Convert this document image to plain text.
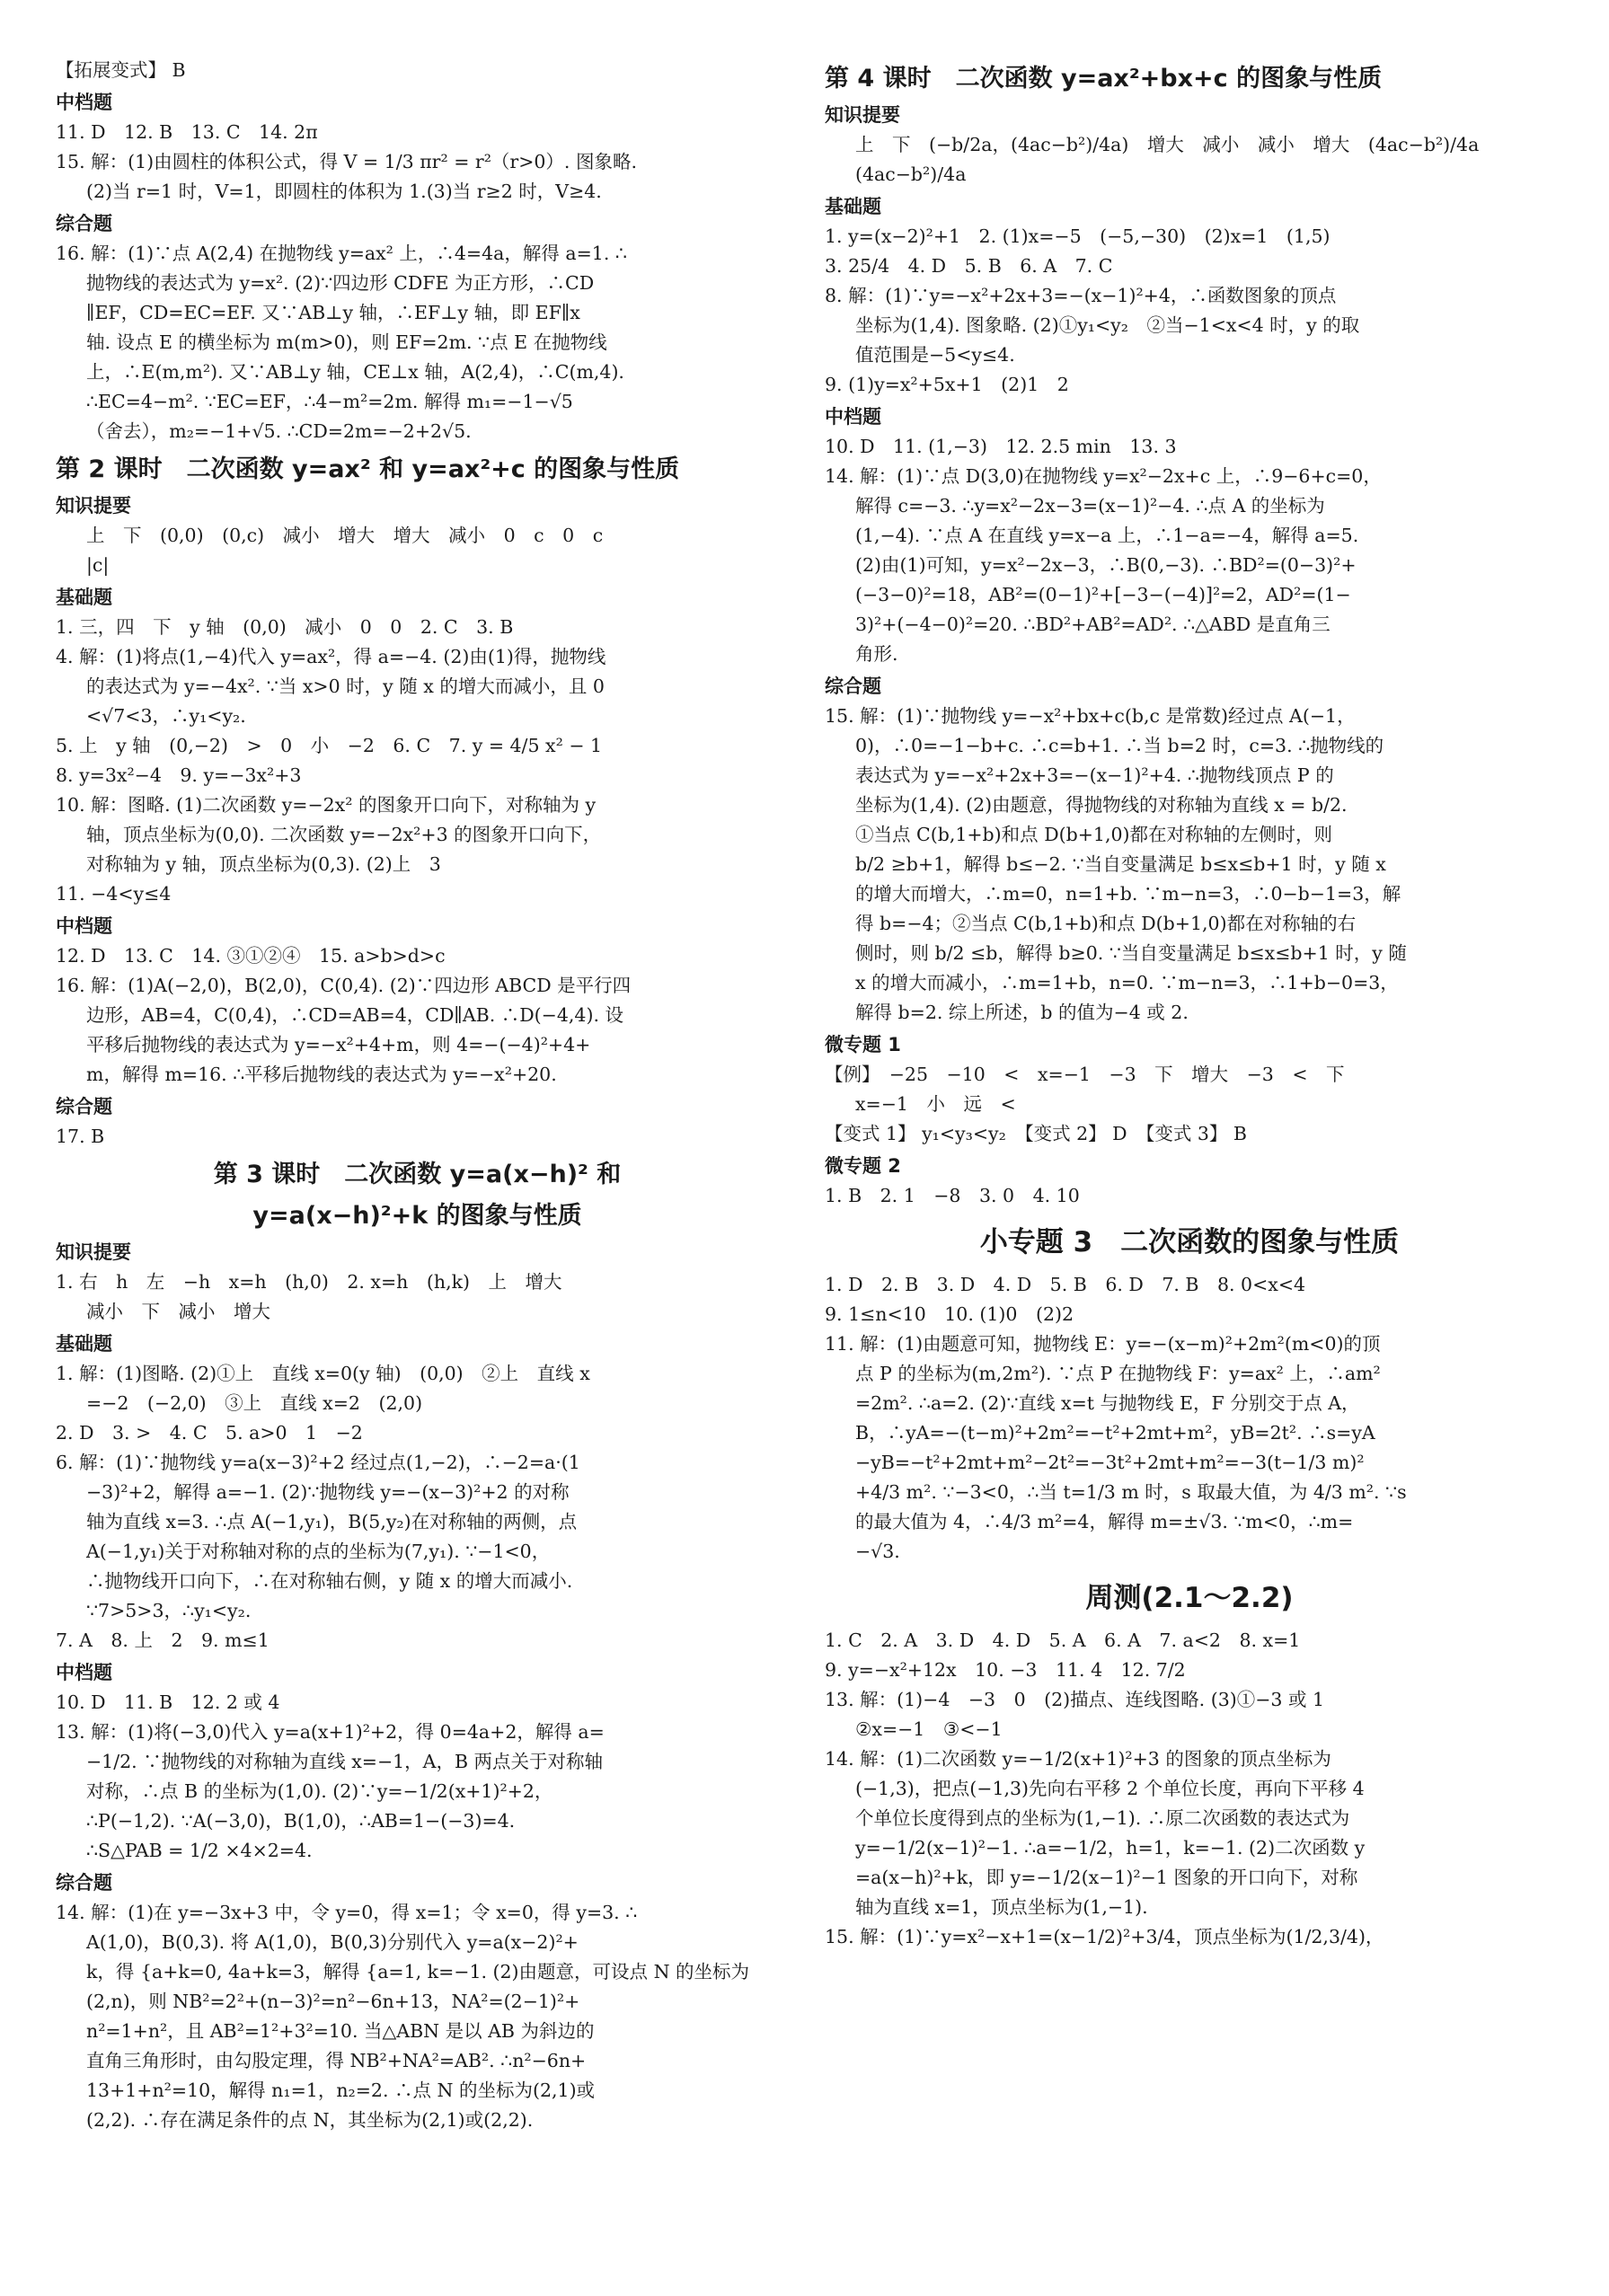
【拓展变式】 B
中档题
11. D　12. B　13. C　14. 2π
15. 解：(1)由圆柱的体积公式，得 V = 1/3 πr² = r²（r>0）. 图象略.
(2)当 r=1 时，V=1，即圆柱的体积为 1.(3)当 r≥2 时，V≥4.
综合题
16. 解：(1)∵点 A(2,4) 在抛物线 y=ax² 上，∴4=4a，解得 a=1. ∴
抛物线的表达式为 y=x². (2)∵四边形 CDFE 为正方形，∴CD
∥EF，CD=EC=EF. 又∵AB⊥y 轴，∴EF⊥y 轴，即 EF∥x
轴. 设点 E 的横坐标为 m(m>0)，则 EF=2m. ∵点 E 在抛物线
上，∴E(m,m²). 又∵AB⊥y 轴，CE⊥x 轴，A(2,4)，∴C(m,4).
∴EC=4−m². ∵EC=EF，∴4−m²=2m. 解得 m₁=−1−√5
（舍去），m₂=−1+√5. ∴CD=2m=−2+2√5.
第 2 课时　二次函数 y=ax² 和 y=ax²+c 的图象与性质
知识提要
上　下　(0,0)　(0,c)　减小　增大　增大　减小　0　c　0　c
|c|
基础题
1. 三，四　下　y 轴　(0,0)　减小　0　0　2. C　3. B
4. 解：(1)将点(1,−4)代入 y=ax²，得 a=−4. (2)由(1)得，抛物线
的表达式为 y=−4x². ∵当 x>0 时，y 随 x 的增大而减小，且 0
<√7<3，∴y₁<y₂.
5. 上　y 轴　(0,−2)　>　0　小　−2　6. C　7. y = 4/5 x² − 1
8. y=3x²−4　9. y=−3x²+3
10. 解：图略. (1)二次函数 y=−2x² 的图象开口向下，对称轴为 y
轴，顶点坐标为(0,0). 二次函数 y=−2x²+3 的图象开口向下，
对称轴为 y 轴，顶点坐标为(0,3). (2)上　3
11. −4<y≤4
中档题
12. D　13. C　14. ③①②④　15. a>b>d>c
16. 解：(1)A(−2,0)，B(2,0)，C(0,4). (2)∵四边形 ABCD 是平行四
边形，AB=4，C(0,4)，∴CD=AB=4，CD∥AB. ∴D(−4,4). 设
平移后抛物线的表达式为 y=−x²+4+m，则 4=−(−4)²+4+
m，解得 m=16. ∴平移后抛物线的表达式为 y=−x²+20.
综合题
17. B
第 3 课时　二次函数 y=a(x−h)² 和
y=a(x−h)²+k 的图象与性质
知识提要
1. 右　h　左　−h　x=h　(h,0)　2. x=h　(h,k)　上　增大
减小　下　减小　增大
基础题
1. 解：(1)图略. (2)①上　直线 x=0(y 轴)　(0,0)　②上　直线 x
=−2　(−2,0)　③上　直线 x=2　(2,0)
2. D　3. >　4. C　5. a>0　1　−2
6. 解：(1)∵抛物线 y=a(x−3)²+2 经过点(1,−2)，∴−2=a·(1
−3)²+2，解得 a=−1. (2)∵抛物线 y=−(x−3)²+2 的对称
轴为直线 x=3. ∴点 A(−1,y₁)，B(5,y₂)在对称轴的两侧，点
A(−1,y₁)关于对称轴对称的点的坐标为(7,y₁). ∵−1<0，
∴抛物线开口向下，∴在对称轴右侧，y 随 x 的增大而减小.
∵7>5>3，∴y₁<y₂.
7. A　8. 上　2　9. m≤1
中档题
10. D　11. B　12. 2 或 4
13. 解：(1)将(−3,0)代入 y=a(x+1)²+2，得 0=4a+2，解得 a=
−1/2. ∵抛物线的对称轴为直线 x=−1，A，B 两点关于对称轴
对称，∴点 B 的坐标为(1,0). (2)∵y=−1/2(x+1)²+2，
∴P(−1,2). ∵A(−3,0)，B(1,0)，∴AB=1−(−3)=4.
∴S△PAB = 1/2 ×4×2=4.
综合题
14. 解：(1)在 y=−3x+3 中，令 y=0，得 x=1；令 x=0，得 y=3. ∴
A(1,0)，B(0,3). 将 A(1,0)，B(0,3)分别代入 y=a(x−2)²+
k，得 {a+k=0, 4a+k=3，解得 {a=1, k=−1. (2)由题意，可设点 N 的坐标为
(2,n)，则 NB²=2²+(n−3)²=n²−6n+13，NA²=(2−1)²+
n²=1+n²，且 AB²=1²+3²=10. 当△ABN 是以 AB 为斜边的
直角三角形时，由勾股定理，得 NB²+NA²=AB². ∴n²−6n+
13+1+n²=10，解得 n₁=1，n₂=2. ∴点 N 的坐标为(2,1)或
(2,2). ∴存在满足条件的点 N，其坐标为(2,1)或(2,2).
第 4 课时　二次函数 y=ax²+bx+c 的图象与性质
知识提要
上　下　(−b/2a，(4ac−b²)/4a)　增大　减小　减小　增大　(4ac−b²)/4a
(4ac−b²)/4a
基础题
1. y=(x−2)²+1　2. (1)x=−5　(−5,−30)　(2)x=1　(1,5)
3. 25/4　4. D　5. B　6. A　7. C
8. 解：(1)∵y=−x²+2x+3=−(x−1)²+4，∴函数图象的顶点
坐标为(1,4). 图象略. (2)①y₁<y₂　②当−1<x<4 时，y 的取
值范围是−5<y≤4.
9. (1)y=x²+5x+1　(2)1　2
中档题
10. D　11. (1,−3)　12. 2.5 min　13. 3
14. 解：(1)∵点 D(3,0)在抛物线 y=x²−2x+c 上，∴9−6+c=0，
解得 c=−3. ∴y=x²−2x−3=(x−1)²−4. ∴点 A 的坐标为
(1,−4). ∵点 A 在直线 y=x−a 上，∴1−a=−4，解得 a=5.
(2)由(1)可知，y=x²−2x−3，∴B(0,−3). ∴BD²=(0−3)²+
(−3−0)²=18，AB²=(0−1)²+[−3−(−4)]²=2，AD²=(1−
3)²+(−4−0)²=20. ∴BD²+AB²=AD². ∴△ABD 是直角三
角形.
综合题
15. 解：(1)∵抛物线 y=−x²+bx+c(b,c 是常数)经过点 A(−1，
0)，∴0=−1−b+c. ∴c=b+1. ∴当 b=2 时，c=3. ∴抛物线的
表达式为 y=−x²+2x+3=−(x−1)²+4. ∴抛物线顶点 P 的
坐标为(1,4). (2)由题意，得抛物线的对称轴为直线 x = b/2.
①当点 C(b,1+b)和点 D(b+1,0)都在对称轴的左侧时，则
b/2 ≥b+1，解得 b≤−2. ∵当自变量满足 b≤x≤b+1 时，y 随 x
的增大而增大，∴m=0，n=1+b. ∵m−n=3，∴0−b−1=3，解
得 b=−4；②当点 C(b,1+b)和点 D(b+1,0)都在对称轴的右
侧时，则 b/2 ≤b，解得 b≥0. ∵当自变量满足 b≤x≤b+1 时，y 随
x 的增大而减小，∴m=1+b，n=0. ∵m−n=3，∴1+b−0=3，
解得 b=2. 综上所述，b 的值为−4 或 2.
微专题 1
【例】　−25　−10　<　x=−1　−3　下　增大　−3　<　下
x=−1　小　远　<
【变式 1】 y₁<y₃<y₂　【变式 2】 D　【变式 3】 B
微专题 2
1. B　2. 1　−8　3. 0　4. 10
小专题 3　二次函数的图象与性质
1. D　2. B　3. D　4. D　5. B　6. D　7. B　8. 0<x<4
9. 1≤n<10　10. (1)0　(2)2
11. 解：(1)由题意可知，抛物线 E：y=−(x−m)²+2m²(m<0)的顶
点 P 的坐标为(m,2m²). ∵点 P 在抛物线 F：y=ax² 上，∴am²
=2m². ∴a=2. (2)∵直线 x=t 与抛物线 E，F 分别交于点 A，
B，∴yA=−(t−m)²+2m²=−t²+2mt+m²，yB=2t². ∴s=yA
−yB=−t²+2mt+m²−2t²=−3t²+2mt+m²=−3(t−1/3 m)²
+4/3 m². ∵−3<0，∴当 t=1/3 m 时，s 取最大值，为 4/3 m². ∵s
的最大值为 4，∴4/3 m²=4，解得 m=±√3. ∵m<0，∴m=
−√3.
周测(2.1～2.2)
1. C　2. A　3. D　4. D　5. A　6. A　7. a<2　8. x=1
9. y=−x²+12x　10. −3　11. 4　12. 7/2
13. 解：(1)−4　−3　0　(2)描点、连线图略. (3)①−3 或 1
②x=−1　③<−1
14. 解：(1)二次函数 y=−1/2(x+1)²+3 的图象的顶点坐标为
(−1,3)，把点(−1,3)先向右平移 2 个单位长度，再向下平移 4
个单位长度得到点的坐标为(1,−1). ∴原二次函数的表达式为
y=−1/2(x−1)²−1. ∴a=−1/2，h=1，k=−1. (2)二次函数 y
=a(x−h)²+k，即 y=−1/2(x−1)²−1 图象的开口向下，对称
轴为直线 x=1，顶点坐标为(1,−1).
15. 解：(1)∵y=x²−x+1=(x−1/2)²+3/4，顶点坐标为(1/2,3/4)，
